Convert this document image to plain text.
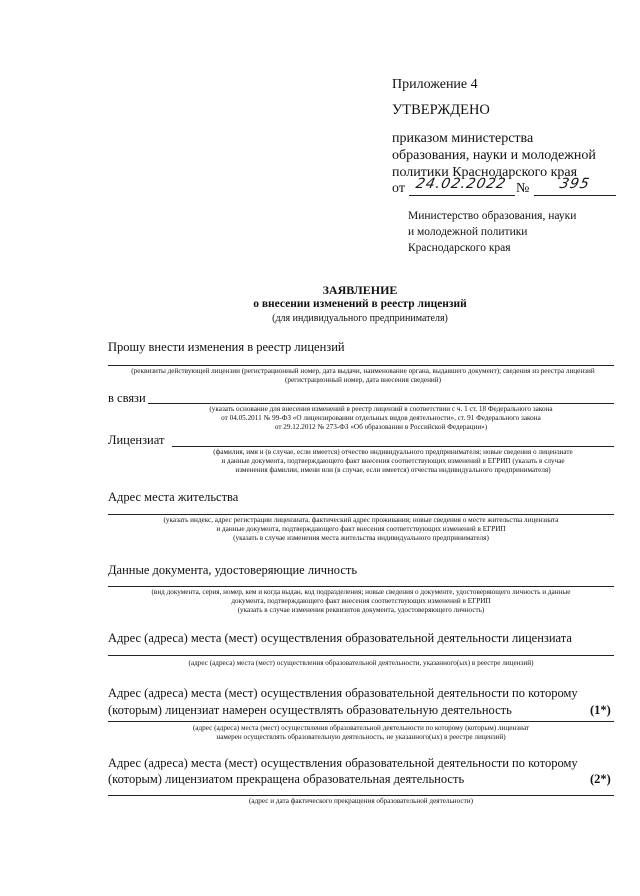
Приложение 4
УТВЕРЖДЕНО
приказом министерства
образования, науки и молодежной
политики Краснодарского края
от 24.02.2022 № 395
Министерство образования, науки
и молодежной политики
Краснодарского края
ЗАЯВЛЕНИЕ
о внесении изменений в реестр лицензий
(для индивидуального предпринимателя)
Прошу внести изменения в реестр лицензий
(реквизиты действующей лицензии (регистрационный номер, дата выдачи, наименование органа, выдавшего документ); сведения из реестра лицензий (регистрационный номер, дата внесения сведений)
в связи
(указать основание для внесения изменений в реестр лицензий в соответствии с ч. 1 ст. 18 Федерального закона
от 04.05.2011 № 99-ФЗ «О лицензировании отдельных видов деятельности», ст. 91 Федерального закона
от 29.12.2012 № 273-ФЗ «Об образовании в Российской Федерации»)
Лицензиат
(фамилия, имя и (в случае, если имеется) отчество индивидуального предпринимателя; новые сведения о лицензиате
и данные документа, подтверждающего факт внесения соответствующих изменений в ЕГРИП (указать в случае
изменения фамилии, имени или (в случае, если имеется) отчества индивидуального предпринимателя)
Адрес места жительства
(указать индекс, адрес регистрации лицензиата, фактический адрес проживания; новые сведения о месте жительства лицензиата
и данные документа, подтверждающего факт внесения соответствующих изменений в ЕГРИП
(указать в случае изменения места жительства индивидуального предпринимателя)
Данные документа, удостоверяющие личность
(вид документа, серия, номер, кем и когда выдан, код подразделения; новые сведения о документе, удостоверяющего личность и данные
документа, подтверждающего факт внесения соответствующих изменений в ЕГРИП
(указать в случае изменения реквизитов документа, удостоверяющего личность)
Адрес (адреса) места (мест) осуществления образовательной деятельности лицензиата
(адрес (адреса) места (мест) осуществления образовательной деятельности, указанного(ых) в реестре лицензий)
Адрес (адреса) места (мест) осуществления образовательной деятельности по которому
(которым) лицензиат намерен осуществлять образовательную деятельность	(1*)
(адрес (адреса) места (мест) осуществления образовательной деятельности по которому (которым) лицензиат
намерен осуществлять образовательную деятельность, не указанного(ых) в реестре лицензий)
Адрес (адреса) места (мест) осуществления образовательной деятельности по которому
(которым) лицензиатом прекращена образовательная деятельность	(2*)
(адрес и дата фактического прекращения образовательной деятельности)
